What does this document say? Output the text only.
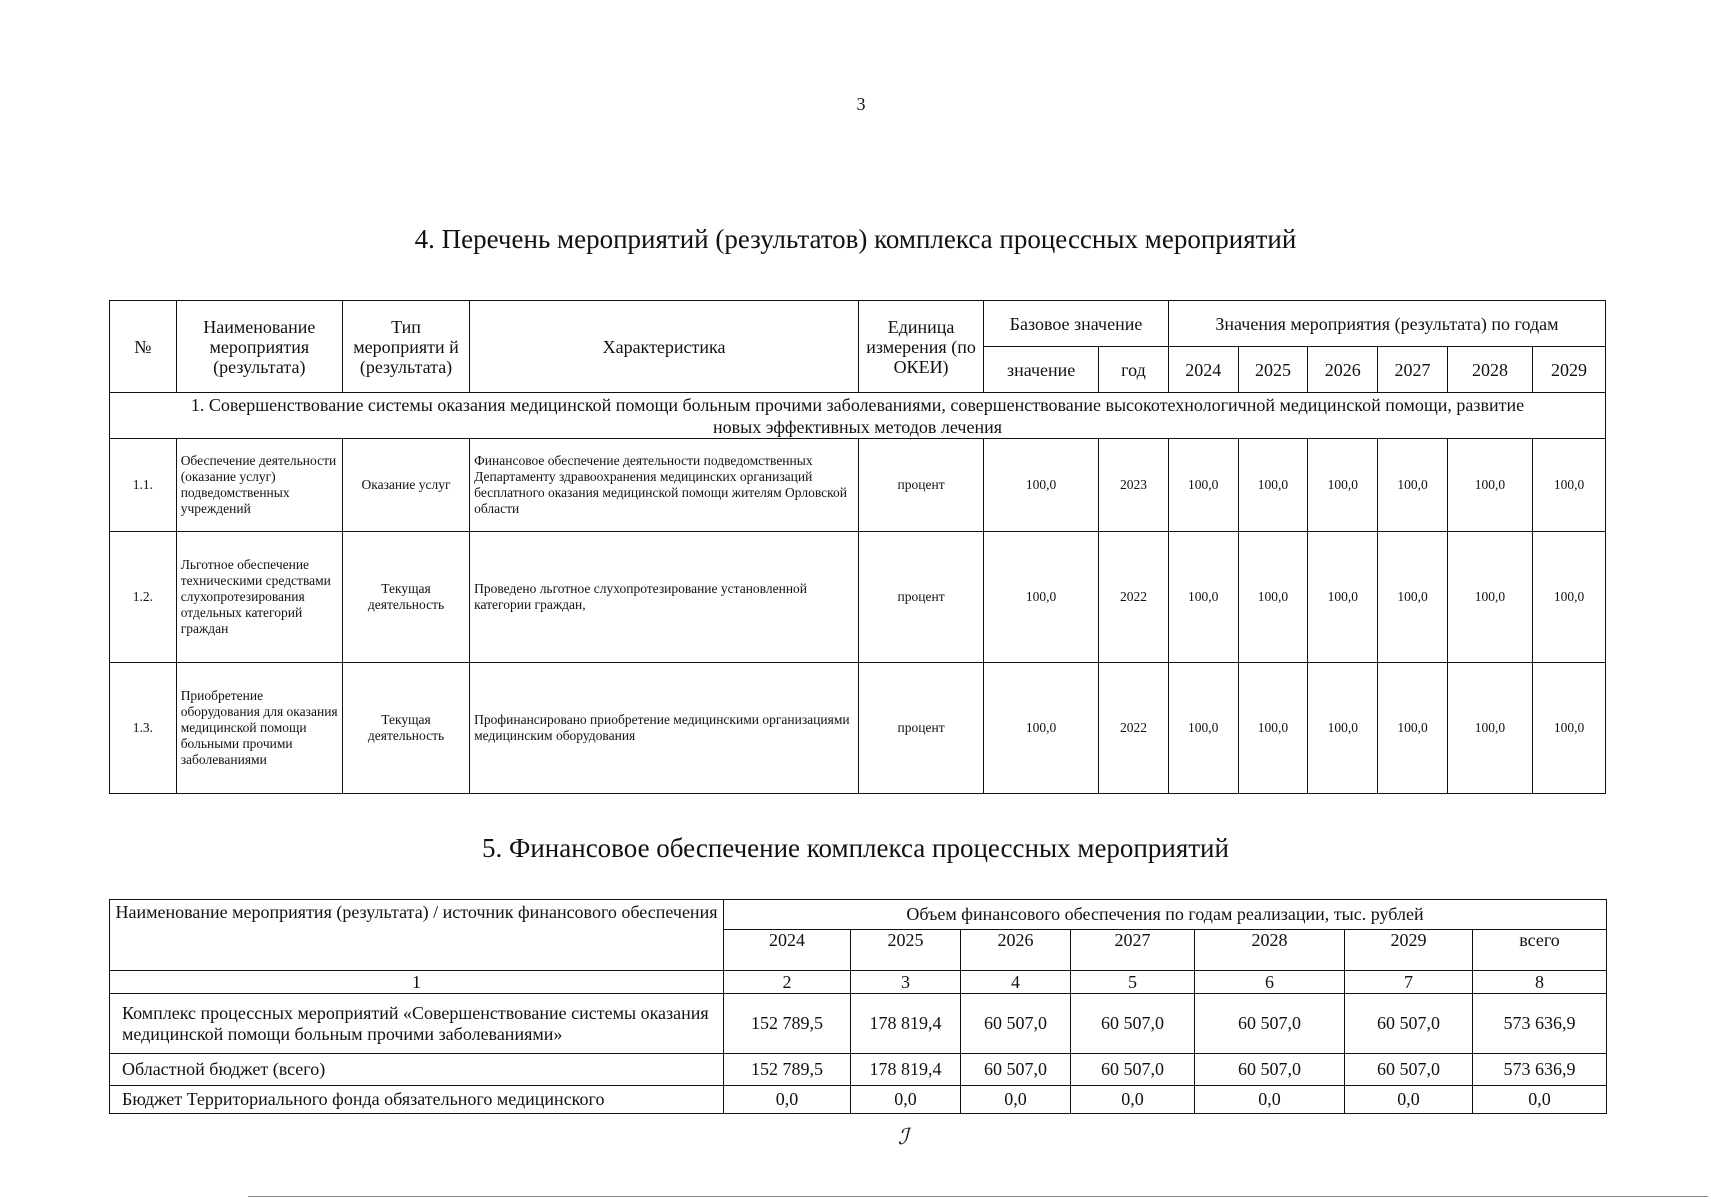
3
4. Перечень мероприятий (результатов) комплекса процессных мероприятий
№	Наименование мероприятия (результата)	Тип мероприяти й (результата)	Характеристика	Единица измерения (по ОКЕИ)	Базовое значение		Значения мероприятия (результата) по годам					
					значение	год	2024	2025	2026	2027	2028	2029
1. Совершенствование системы оказания медицинской помощи больным прочими заболеваниями, совершенствование высокотехнологичной медицинской помощи, развитие новых эффективных методов лечения												
1.1.	Обеспечение деятельности (оказание услуг) подведомственных учреждений	Оказание услуг	Финансовое обеспечение деятельности подведомственных Департаменту здравоохранения медицинских организаций бесплатного оказания медицинской помощи жителям Орловской области	процент	100,0	2023	100,0	100,0	100,0	100,0	100,0	100,0
1.2.	Льготное обеспечение техническими средствами слухопротезирования отдельных категорий граждан	Текущая деятельность	Проведено льготное слухопротезирование установленной категории граждан,	процент	100,0	2022	100,0	100,0	100,0	100,0	100,0	100,0
1.3.	Приобретение оборудования для оказания медицинской помощи больными прочими заболеваниями	Текущая деятельность	Профинансировано приобретение медицинскими организациями медицинским оборудования	процент	100,0	2022	100,0	100,0	100,0	100,0	100,0	100,0
5. Финансовое обеспечение комплекса процессных мероприятий
Наименование мероприятия (результата) / источник финансового обеспечения	Объем финансового обеспечения по годам реализации, тыс. рублей						
	2024	2025	2026	2027	2028	2029	всего
1	2	3	4	5	6	7	8
Комплекс процессных мероприятий «Совершенствование системы оказания медицинской помощи больным прочими заболеваниями»	152 789,5	178 819,4	60 507,0	60 507,0	60 507,0	60 507,0	573 636,9
Областной бюджет (всего)	152 789,5	178 819,4	60 507,0	60 507,0	60 507,0	60 507,0	573 636,9
Бюджет Территориального фонда обязательного медицинского	0,0	0,0	0,0	0,0	0,0	0,0	0,0
ℐ
